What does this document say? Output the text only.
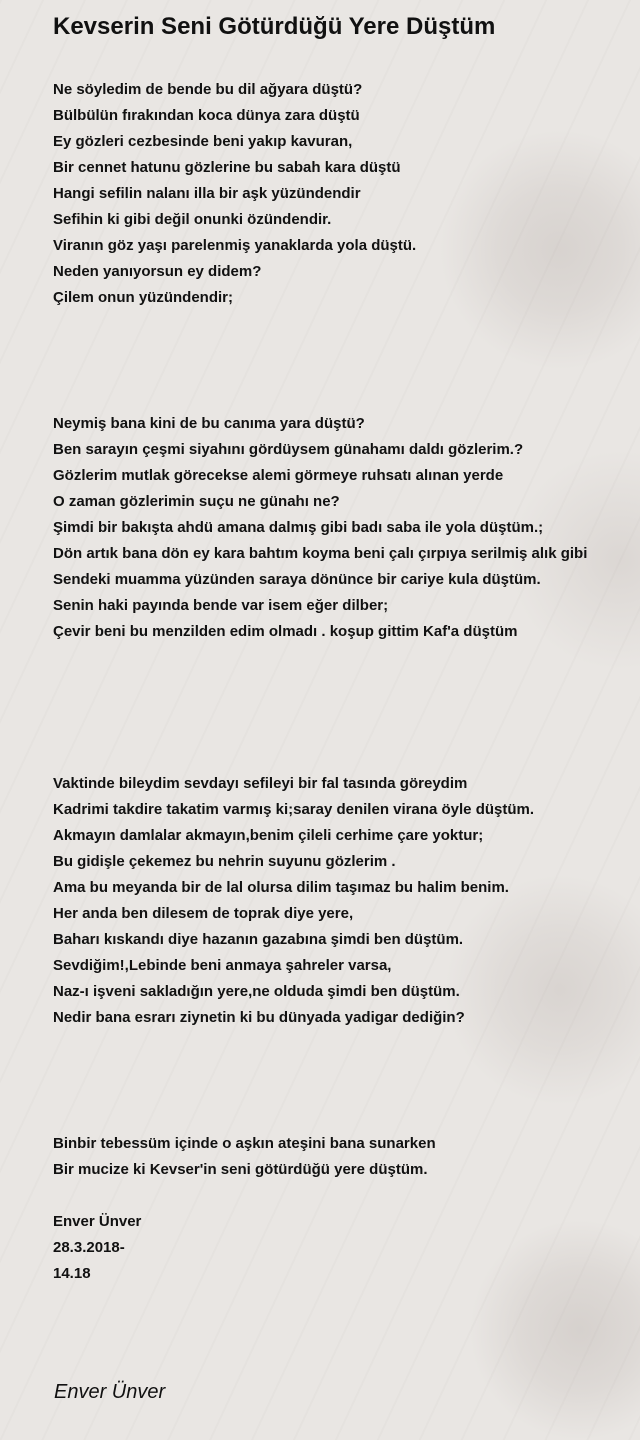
Kevserin Seni Götürdüğü Yere Düştüm
Ne söyledim de bende bu dil ağyara düştü?
Bülbülün fırakından koca dünya zara düştü
Ey gözleri cezbesinde beni yakıp kavuran,
Bir cennet hatunu gözlerine bu sabah kara düştü
Hangi sefilin nalanı illa bir aşk yüzündendir
Sefihin ki gibi değil onunki özündendir.
Viranın göz yaşı parelenmiş yanaklarda yola düştü.
Neden yanıyorsun ey didem?
Çilem onun yüzündendir;
Neymiş bana kini de bu canıma yara düştü?
Ben sarayın çeşmi siyahını gördüysem günahamı daldı gözlerim.?
Gözlerim mutlak görecekse alemi görmeye ruhsatı alınan yerde
O zaman gözlerimin suçu ne günahı ne?
Şimdi bir bakışta ahdü amana dalmış gibi badı saba ile yola düştüm.;
Dön artık bana dön ey kara bahtım koyma beni çalı çırpıya serilmiş alık gibi
Sendeki muamma yüzünden saraya dönünce bir cariye kula düştüm.
Senin haki payında bende var isem eğer dilber;
Çevir beni bu menzilden edim olmadı . koşup gittim Kaf'a düştüm
Vaktinde bileydim sevdayı sefileyi bir fal tasında göreydim
Kadrimi takdire takatim varmış ki;saray denilen virana öyle düştüm.
Akmayın damlalar akmayın,benim çileli cerhime çare yoktur;
Bu gidişle çekemez bu nehrin suyunu gözlerim .
Ama bu meyanda bir de lal olursa dilim taşımaz bu halim benim.
Her anda ben dilesem de toprak diye yere,
Baharı kıskandı diye hazanın gazabına şimdi ben düştüm.
Sevdiğim!,Lebinde beni anmaya şahreler varsa,
Naz-ı işveni sakladığın yere,ne olduda şimdi ben düştüm.
Nedir bana esrarı ziynetin ki bu dünyada yadigar dediğin?
Binbir tebessüm içinde o aşkın ateşini bana sunarken
Bir mucize ki Kevser'in seni götürdüğü yere düştüm.
Enver Ünver
28.3.2018-
14.18
Enver Ünver
